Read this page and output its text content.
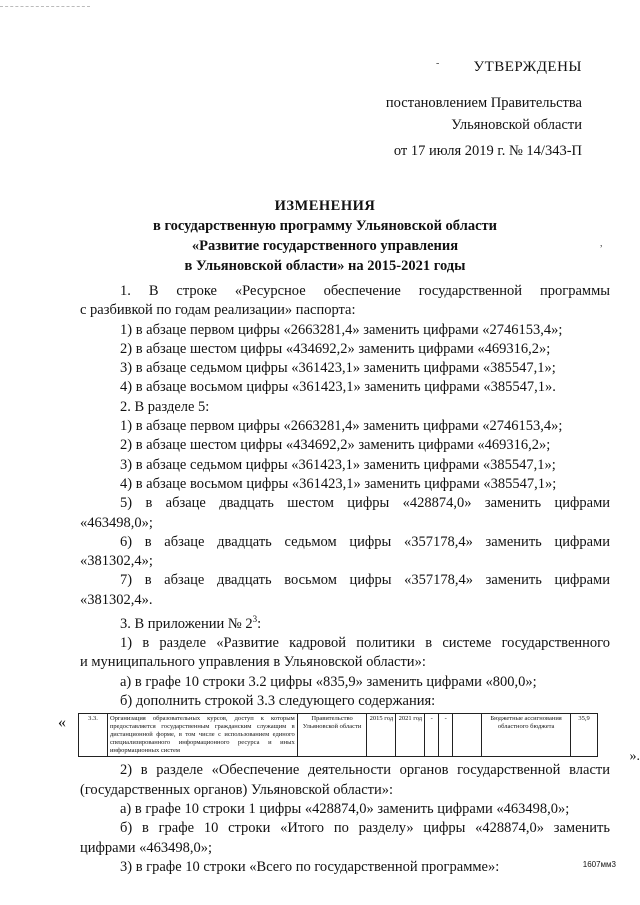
УТВЕРЖДЕНЫ
постановлением Правительства
Ульяновской области
от 17 июля 2019 г. № 14/343-П
ИЗМЕНЕНИЯ
в государственную программу Ульяновской области
«Развитие государственного управления
в Ульяновской области» на 2015-2021 годы
1. В строке «Ресурсное обеспечение государственной программы
с разбивкой по годам реализации» паспорта:
1) в абзаце первом цифры «2663281,4» заменить цифрами «2746153,4»;
2) в абзаце шестом цифры «434692,2» заменить цифрами «469316,2»;
3) в абзаце седьмом цифры «361423,1» заменить цифрами «385547,1»;
4) в абзаце восьмом цифры «361423,1» заменить цифрами «385547,1».
2. В разделе 5:
1) в абзаце первом цифры «2663281,4» заменить цифрами «2746153,4»;
2) в абзаце шестом цифры «434692,2» заменить цифрами «469316,2»;
3) в абзаце седьмом цифры «361423,1» заменить цифрами «385547,1»;
4) в абзаце восьмом цифры «361423,1» заменить цифрами «385547,1»;
5) в абзаце двадцать шестом цифры «428874,0» заменить цифрами
«463498,0»;
6) в абзаце двадцать седьмом цифры «357178,4» заменить цифрами
«381302,4»;
7) в абзаце двадцать восьмом цифры «357178,4» заменить цифрами
«381302,4».
3. В приложении № $2^3$:
1) в разделе «Развитие кадровой политики в системе государственного
и муниципального управления в Ульяновской области»:
а) в графе 10 строки 3.2 цифры «835,9» заменить цифрами «800,0»;
б) дополнить строкой 3.3 следующего содержания:
«	3.3.	Организация образовательных курсов, доступ к которым предоставляется государственным гражданским служащим в дистанционной форме, в том числе с использованием единого специализированного информационного ресурса и иных информационных систем	Правительство Ульяновской области	2015 год	2021 год	-	-		Бюджетные ассигнования областного бюджета	35,9
».
2) в разделе «Обеспечение деятельности органов государственной власти
(государственных органов) Ульяновской области»:
а) в графе 10 строки 1 цифры «428874,0» заменить цифрами «463498,0»;
б) в графе 10 строки «Итого по разделу» цифры «428874,0» заменить
цифрами «463498,0»;
3) в графе 10 строки «Всего по государственной программе»:
-
,
1607мм3
